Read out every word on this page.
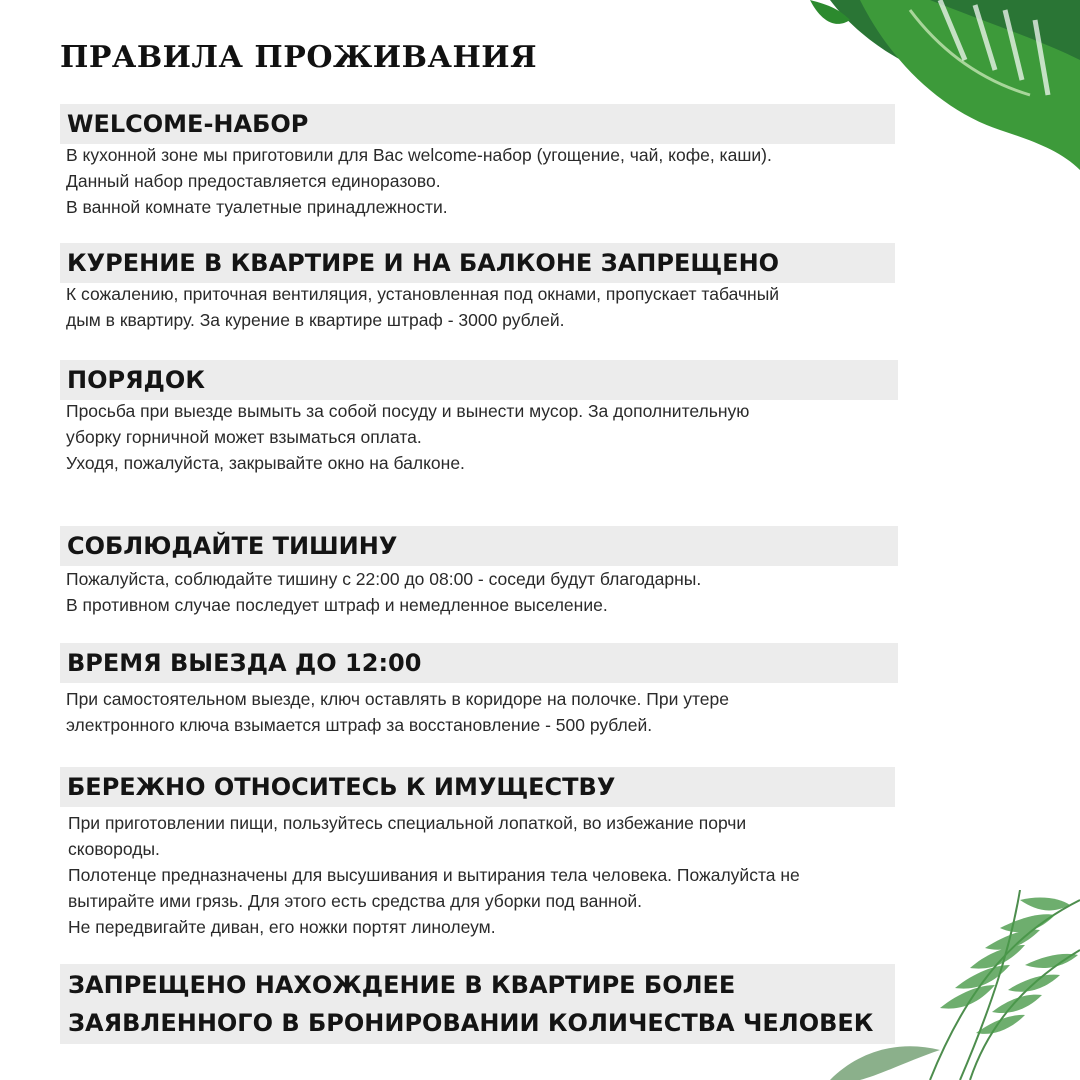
ПРАВИЛА ПРОЖИВАНИЯ
WELCOME-НАБОР
В кухонной зоне мы приготовили для Вас welcome-набор (угощение, чай, кофе, каши).
Данный набор предоставляется единоразово.
В ванной комнате туалетные принадлежности.
КУРЕНИЕ В КВАРТИРЕ И НА БАЛКОНЕ ЗАПРЕЩЕНО
К сожалению, приточная вентиляция, установленная под окнами, пропускает табачный
дым в квартиру. За курение в квартире штраф - 3000 рублей.
ПОРЯДОК
Просьба при выезде вымыть за собой посуду и вынести мусор. За дополнительную
уборку горничной может взыматься оплата.
Уходя, пожалуйста, закрывайте окно на балконе.
СОБЛЮДАЙТЕ ТИШИНУ
Пожалуйста, соблюдайте тишину с 22:00 до 08:00 - соседи будут благодарны.
В противном случае последует штраф и немедленное выселение.
ВРЕМЯ ВЫЕЗДА ДО 12:00
При самостоятельном выезде, ключ оставлять в коридоре на полочке. При утере
электронного ключа взымается штраф за восстановление - 500 рублей.
БЕРЕЖНО ОТНОСИТЕСЬ К ИМУЩЕСТВУ
При приготовлении пищи, пользуйтесь специальной лопаткой, во избежание порчи
сковороды.
Полотенце предназначены для высушивания и вытирания тела человека. Пожалуйста не
вытирайте ими грязь. Для этого есть средства для уборки под ванной.
Не передвигайте диван, его ножки портят линолеум.
ЗАПРЕЩЕНО НАХОЖДЕНИЕ В КВАРТИРЕ БОЛЕЕ
ЗАЯВЛЕННОГО В БРОНИРОВАНИИ КОЛИЧЕСТВА ЧЕЛОВЕК
